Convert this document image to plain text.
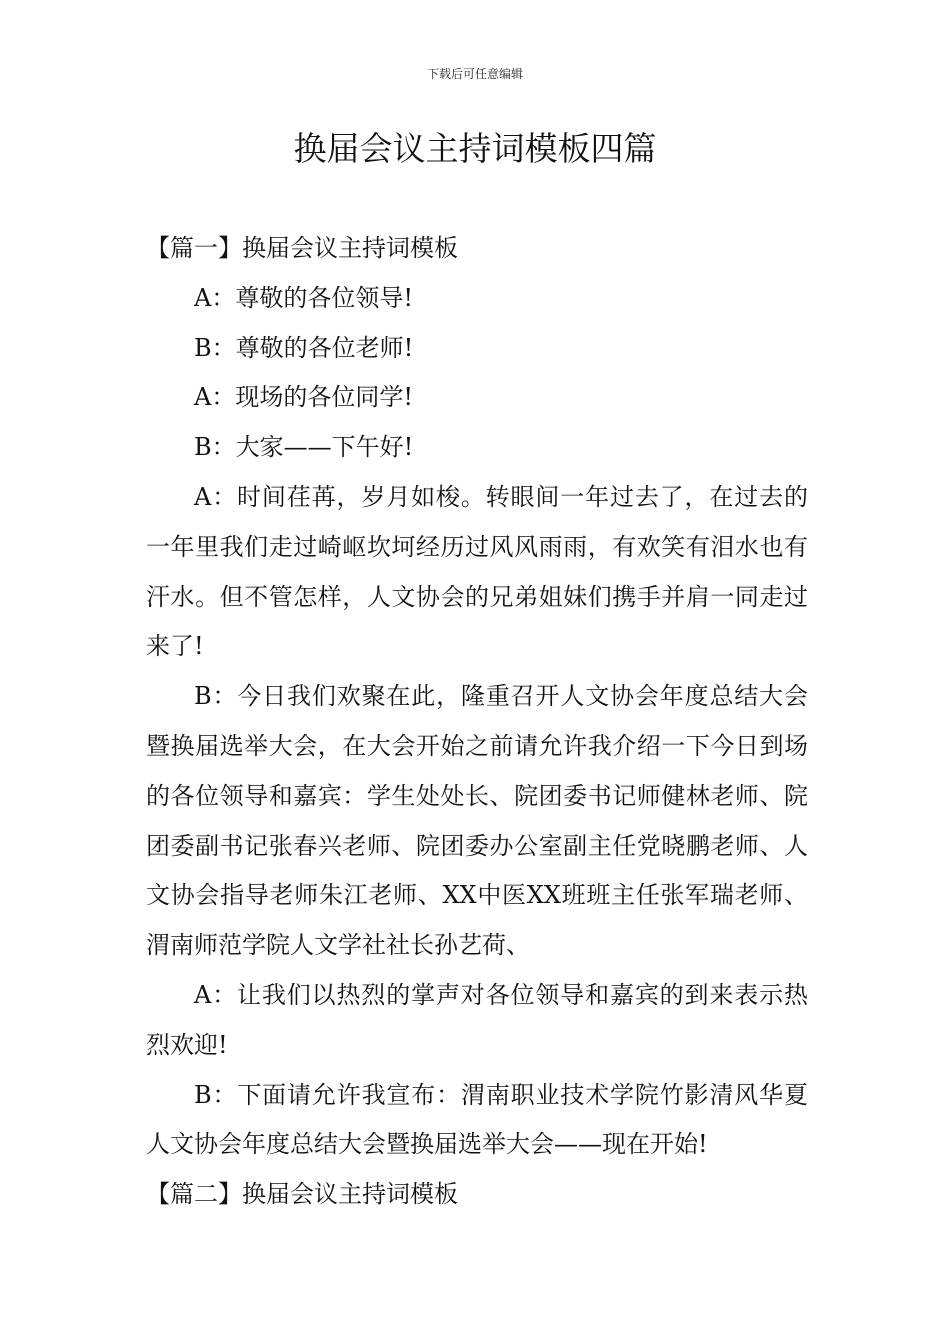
下载后可任意编辑
换届会议主持词模板四篇

【篇一】换届会议主持词模板

A：尊敬的各位领导!

B：尊敬的各位老师!

A：现场的各位同学!

B：大家——下午好!

A：时间荏苒，岁月如梭。转眼间一年过去了，在过去的一年里我们走过崎岖坎坷经历过风风雨雨，有欢笑有泪水也有汗水。但不管怎样，人文协会的兄弟姐妹们携手并肩一同走过来了!

B：今日我们欢聚在此，隆重召开人文协会年度总结大会暨换届选举大会，在大会开始之前请允许我介绍一下今日到场的各位领导和嘉宾：学生处处长、院团委书记师健林老师、院团委副书记张春兴老师、院团委办公室副主任党晓鹏老师、人文协会指导老师朱江老师、XX中医XX班班主任张军瑞老师、渭南师范学院人文学社社长孙艺荷、

A：让我们以热烈的掌声对各位领导和嘉宾的到来表示热烈欢迎!

B：下面请允许我宣布：渭南职业技术学院竹影清风华夏人文协会年度总结大会暨换届选举大会——现在开始!

【篇二】换届会议主持词模板
